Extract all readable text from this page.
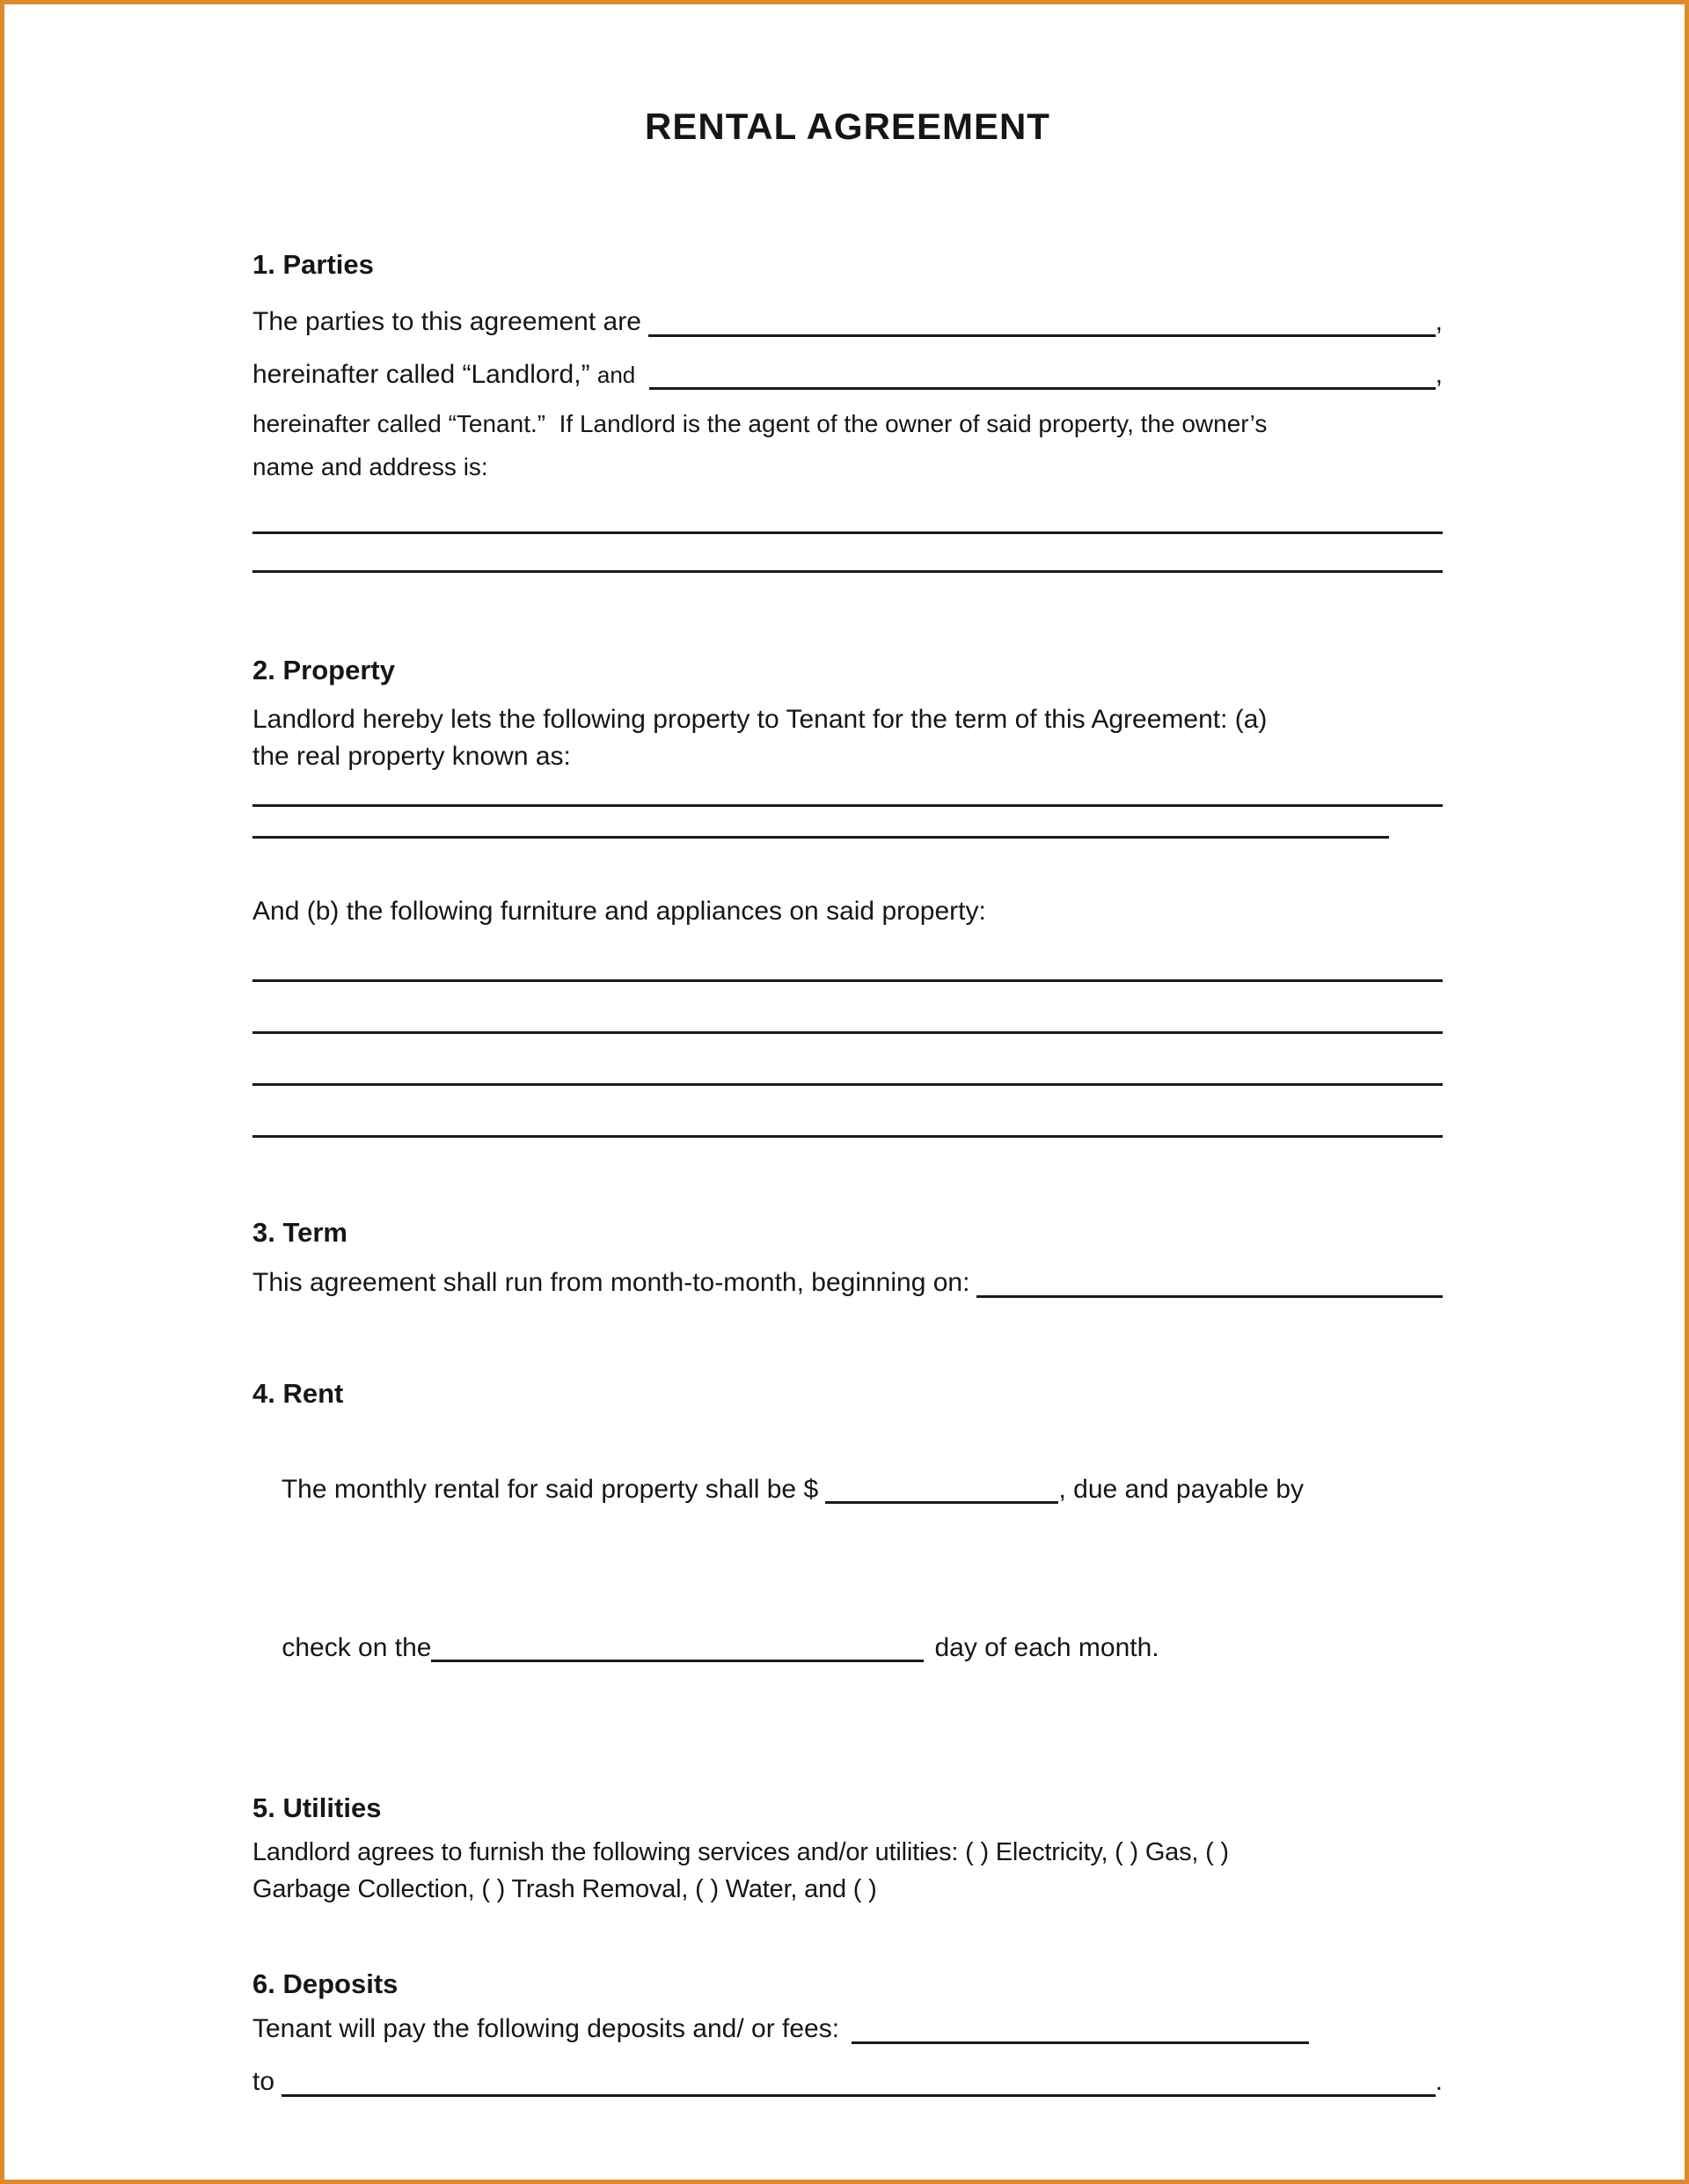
RENTAL AGREEMENT
1. Parties
The parties to this agreement are	,
hereinafter called “Landlord,” and	,
hereinafter called “Tenant.”  If Landlord is the agent of the owner of said property, the owner’s
name and address is:
2. Property
Landlord hereby lets the following property to Tenant for the term of this Agreement: (a)
the real property known as:
And (b) the following furniture and appliances on said property:
3. Term
This agreement shall run from month-to-month, beginning on:
4. Rent

The monthly rental for said property shall be $	, due and payable by

check on the	day of each month.

5. Utilities
Landlord agrees to furnish the following services and/or utilities: ( ) Electricity, ( ) Gas, ( )
Garbage Collection, ( ) Trash Removal, ( ) Water, and ( )
6. Deposits
Tenant will pay the following deposits and/ or fees:
to	.
